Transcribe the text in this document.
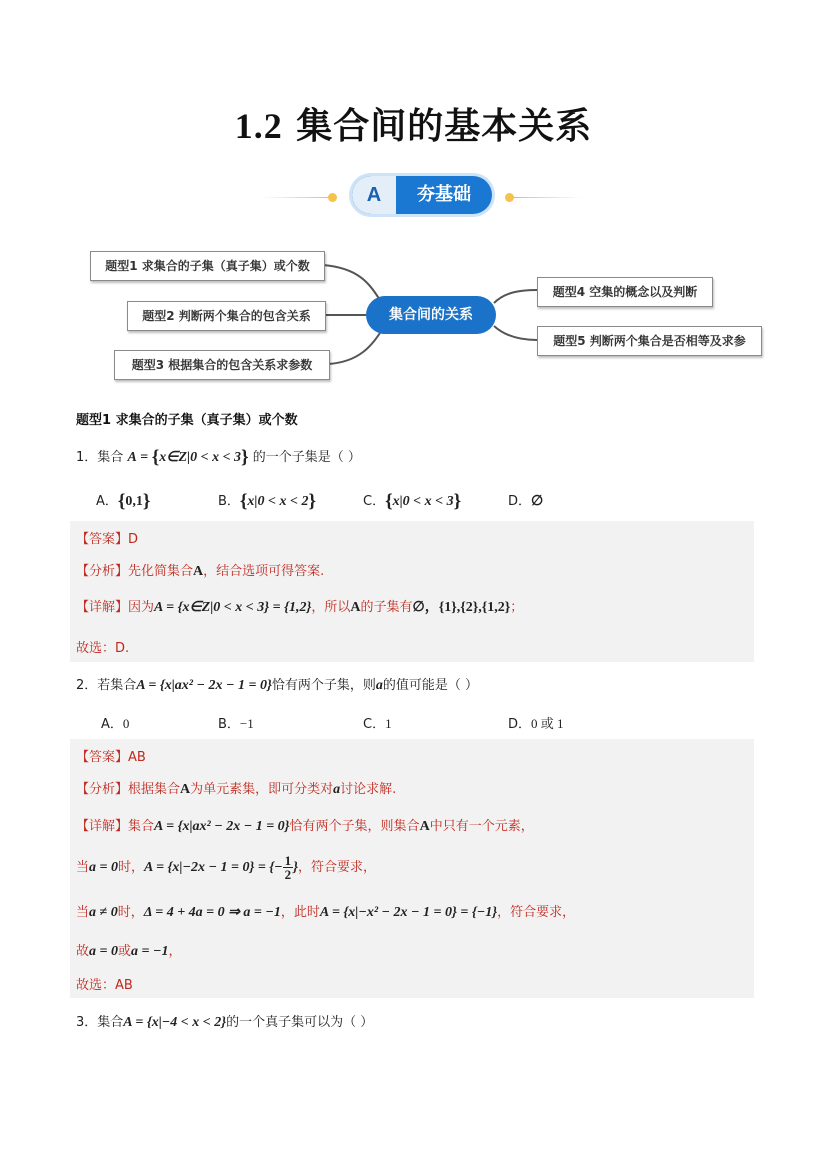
1.2 集合间的基本关系
A	夯基础
题型1 求集合的子集（真子集）或个数
题型2 判断两个集合的包含关系
题型3 根据集合的包含关系求参数
集合间的关系
题型4 空集的概念以及判断
题型5 判断两个集合是否相等及求参
题型1 求集合的子集（真子集）或个数
1．集合 A = {x∈Z|0 < x < 3} 的一个子集是（ ）
A．{0,1}	B．{x|0 < x < 2}	C．{x|0 < x < 3}	D．∅
【答案】D
【分析】先化简集合A，结合选项可得答案.
【详解】因为A = {x∈Z|0 < x < 3} = {1,2}，所以A的子集有∅，{1},{2},{1,2}；
故选：D.
2．若集合A = {x|ax² − 2x − 1 = 0}恰有两个子集，则a的值可能是（ ）
A．0	B．−1	C．1	D．0 或 1
【答案】AB
【分析】根据集合A为单元素集，即可分类对a讨论求解.
【详解】集合A = {x|ax² − 2x − 1 = 0}恰有两个子集，则集合A中只有一个元素，
当a = 0时，A = {x|−2x − 1 = 0} = {− $\frac{1}{2}$ }，符合要求，
当a ≠ 0时，Δ = 4 + 4a = 0 ⇒ a = −1，此时A = {x|−x² − 2x − 1 = 0} = {−1}，符合要求，
故a = 0或a = −1，
故选：AB
3．集合A = {x|−4 < x < 2}的一个真子集可以为（ ）
